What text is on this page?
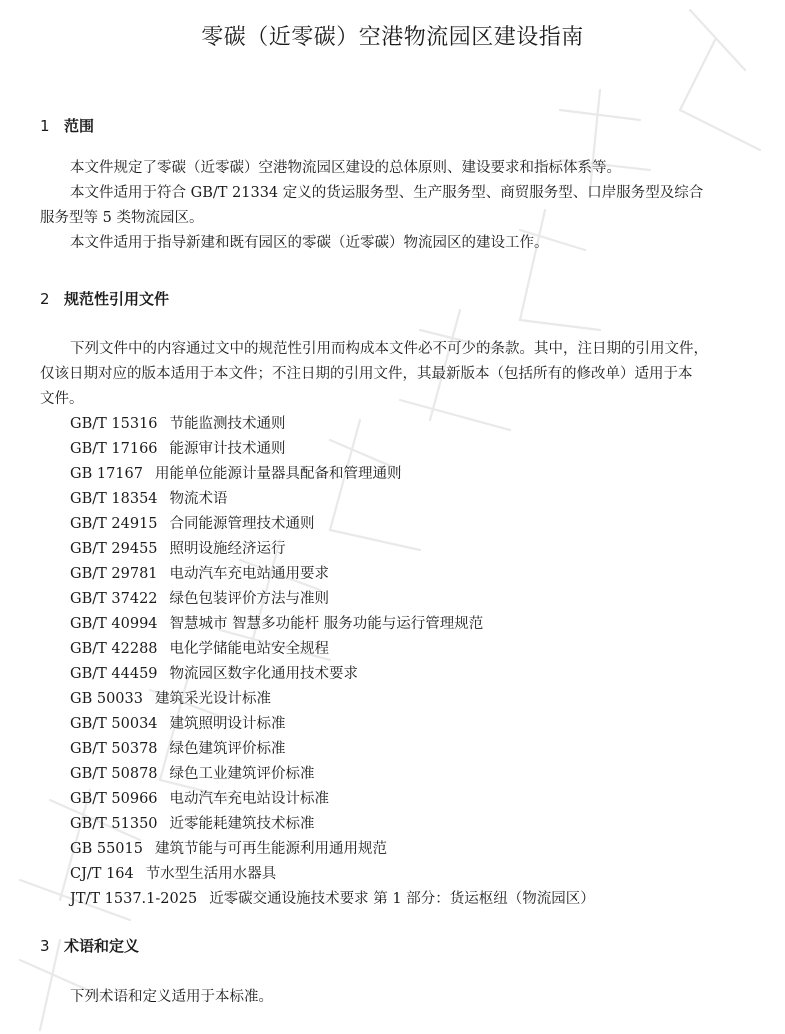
零碳（近零碳）空港物流园区建设指南
1 范围
本文件规定了零碳（近零碳）空港物流园区建设的总体原则、建设要求和指标体系等。
本文件适用于符合 GB/T 21334 定义的货运服务型、生产服务型、商贸服务型、口岸服务型及综合
服务型等 5 类物流园区。
本文件适用于指导新建和既有园区的零碳（近零碳）物流园区的建设工作。
2 规范性引用文件
下列文件中的内容通过文中的规范性引用而构成本文件必不可少的条款。其中，注日期的引用文件，
仅该日期对应的版本适用于本文件；不注日期的引用文件，其最新版本（包括所有的修改单）适用于本
文件。
GB/T 15316 节能监测技术通则
GB/T 17166 能源审计技术通则
GB 17167 用能单位能源计量器具配备和管理通则
GB/T 18354 物流术语
GB/T 24915 合同能源管理技术通则
GB/T 29455 照明设施经济运行
GB/T 29781 电动汽车充电站通用要求
GB/T 37422 绿色包装评价方法与准则
GB/T 40994 智慧城市 智慧多功能杆 服务功能与运行管理规范
GB/T 42288 电化学储能电站安全规程
GB/T 44459 物流园区数字化通用技术要求
GB 50033 建筑采光设计标准
GB/T 50034 建筑照明设计标准
GB/T 50378 绿色建筑评价标准
GB/T 50878 绿色工业建筑评价标准
GB/T 50966 电动汽车充电站设计标准
GB/T 51350 近零能耗建筑技术标准
GB 55015 建筑节能与可再生能源利用通用规范
CJ/T 164 节水型生活用水器具
JT/T 1537.1-2025 近零碳交通设施技术要求 第 1 部分：货运枢纽（物流园区）
3 术语和定义
下列术语和定义适用于本标准。
